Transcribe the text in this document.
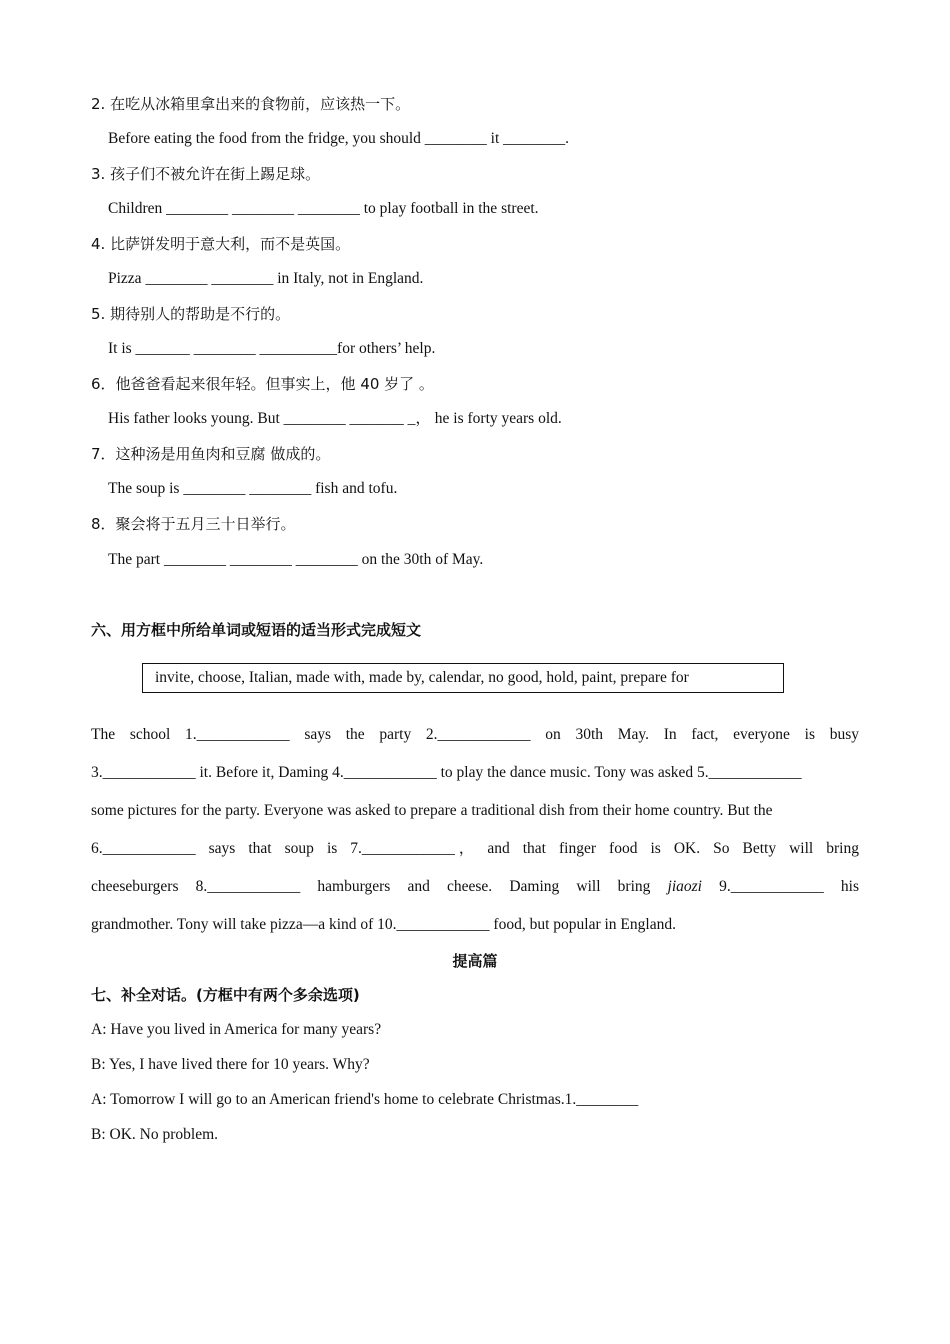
2. 在吃从冰箱里拿出来的食物前，应该热一下。
Before eating the food from the fridge, you should ________ it ________.
3. 孩子们不被允许在街上踢足球。
Children ________ ________ ________ to play football in the street.
4. 比萨饼发明于意大利，而不是英国。
Pizza ________ ________ in Italy, not in England.
5. 期待别人的帮助是不行的。
It is _______ ________ __________for others’ help.
6．他爸爸看起来很年轻。但事实上，他 40 岁了 。
His father looks young. But ________ _______ _， he is forty years old.
7．这种汤是用鱼肉和豆腐 做成的。
The soup is ________ ________ fish and tofu.
8．聚会将于五月三十日举行。
The part ________ ________ ________ on the 30th of May.
六、用方框中所给单词或短语的适当形式完成短文
invite, choose, Italian, made with, made by, calendar, no good, hold, paint, prepare for
The school 1.____________ says the party 2.____________ on 30th May. In fact, everyone is busy
3.____________ it. Before it, Daming 4.____________ to play the dance music. Tony was asked 5.____________
some pictures for the party. Everyone was asked to prepare a traditional dish from their home country. But the
6.____________ says that soup is 7.____________ ， and that finger food is OK. So Betty will bring
cheeseburgers 8.____________ hamburgers and cheese. Daming will bring jiaozi 9.____________ his
grandmother. Tony will take pizza—a kind of 10.____________ food, but popular in England.
提高篇
七、补全对话。(方框中有两个多余选项)
A: Have you lived in America for many years?
B: Yes, I have lived there for 10 years. Why?
A: Tomorrow I will go to an American friend's home to celebrate Christmas.1.________
B: OK. No problem.
